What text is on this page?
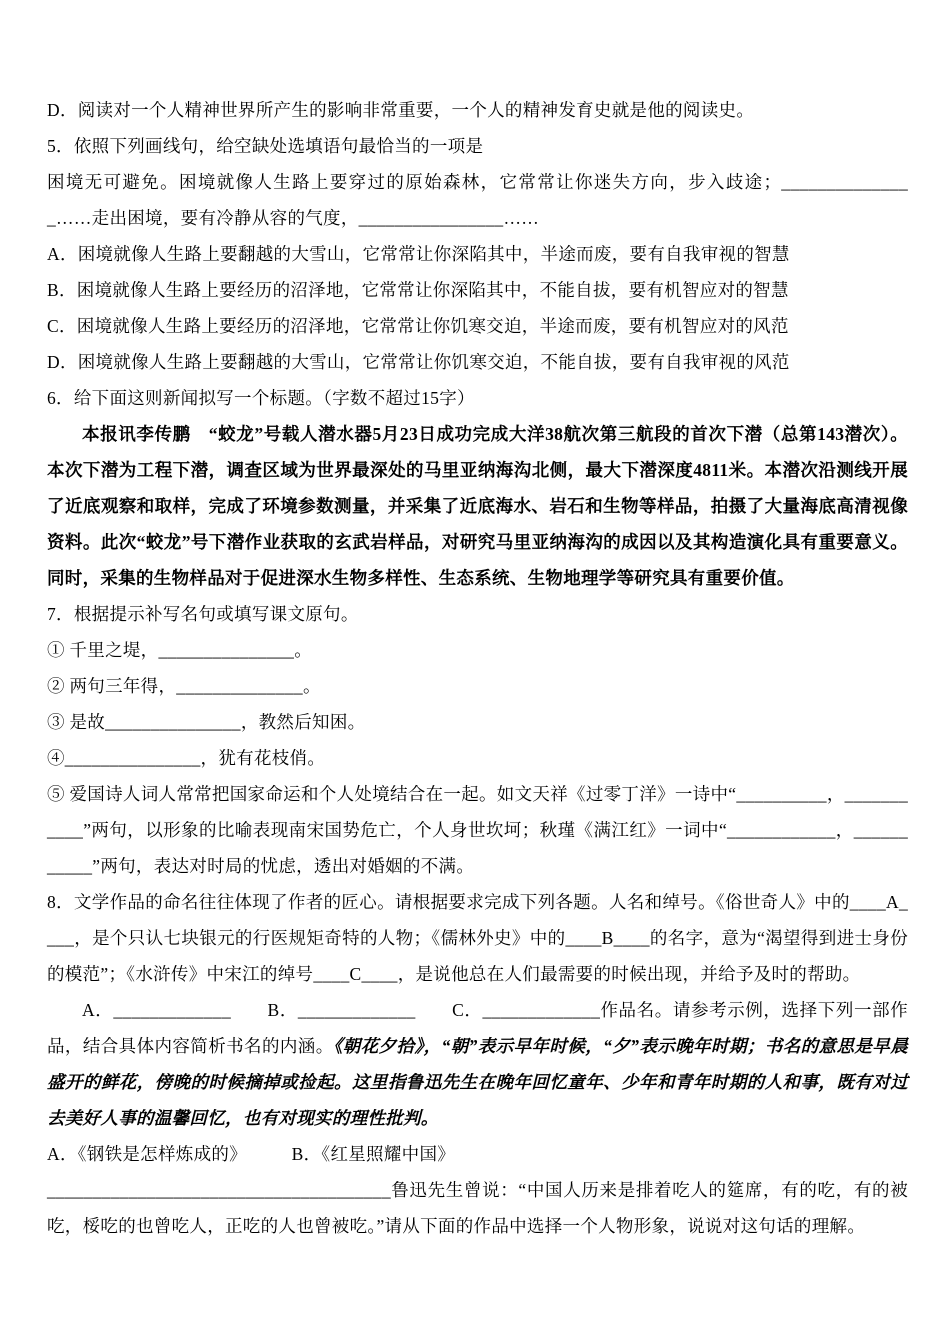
D．阅读对一个人精神世界所产生的影响非常重要，一个人的精神发育史就是他的阅读史。

5．依照下列画线句，给空缺处选填语句最恰当的一项是

困境无可避免。困境就像人生路上要穿过的原始森林，它常常让你迷失方向，步入歧途；_______________……走出困境，要有冷静从容的气度，________________……

A．困境就像人生路上要翻越的大雪山，它常常让你深陷其中，半途而废，要有自我审视的智慧

B．困境就像人生路上要经历的沼泽地，它常常让你深陷其中，不能自拔，要有机智应对的智慧

C．困境就像人生路上要经历的沼泽地，它常常让你饥寒交迫，半途而废，要有机智应对的风范

D．困境就像人生路上要翻越的大雪山，它常常让你饥寒交迫，不能自拔，要有自我审视的风范

6．给下面这则新闻拟写一个标题。（字数不超过15字）

本报讯李传鹏　“蛟龙”号载人潜水器5月23日成功完成大洋38航次第三航段的首次下潜（总第143潜次）。本次下潜为工程下潜，调查区域为世界最深处的马里亚纳海沟北侧，最大下潜深度4811米。本潜次沿测线开展了近底观察和取样，完成了环境参数测量，并采集了近底海水、岩石和生物等样品，拍摄了大量海底高清视像资料。此次“蛟龙”号下潜作业获取的玄武岩样品，对研究马里亚纳海沟的成因以及其构造演化具有重要意义。同时，采集的生物样品对于促进深水生物多样性、生态系统、生物地理学等研究具有重要价值。

7．根据提示补写名句或填写课文原句。

① 千里之堤，_______________。

② 两句三年得，______________。

③ 是故_______________，教然后知困。

④_______________，犹有花枝俏。

⑤ 爱国诗人词人常常把国家命运和个人处境结合在一起。如文天祥《过零丁洋》一诗中“__________，___________”两句，以形象的比喻表现南宋国势危亡，个人身世坎坷；秋瑾《满江红》一词中“____________，___________”两句，表达对时局的忧虑，透出对婚姻的不满。

8．文学作品的命名往往体现了作者的匠心。请根据要求完成下列各题。人名和绰号。《俗世奇人》中的____A____，是个只认七块银元的行医规矩奇特的人物；《儒林外史》中的____B____的名字，意为“渴望得到进士身份的模范”；《水浒传》中宋江的绰号____C____，是说他总在人们最需要的时候出现，并给予及时的帮助。

A．_____________　　B．_____________　　C．_____________作品名。请参考示例，选择下列一部作品，结合具体内容简析书名的内涵。《朝花夕拾》，“朝”表示早年时候，“夕”表示晚年时期；书名的意思是早晨盛开的鲜花，傍晚的时候摘掉或捡起。这里指鲁迅先生在晚年回忆童年、少年和青年时期的人和事，既有对过去美好人事的温馨回忆，也有对现实的理性批判。

A．《钢铁是怎样炼成的》　　　B．《红星照耀中国》

______________________________________鲁迅先生曾说：“中国人历来是排着吃人的筵席，有的吃，有的被吃，桵吃的也曾吃人，正吃的人也曾被吃。”请从下面的作品中选择一个人物形象，说说对这句话的理解。
